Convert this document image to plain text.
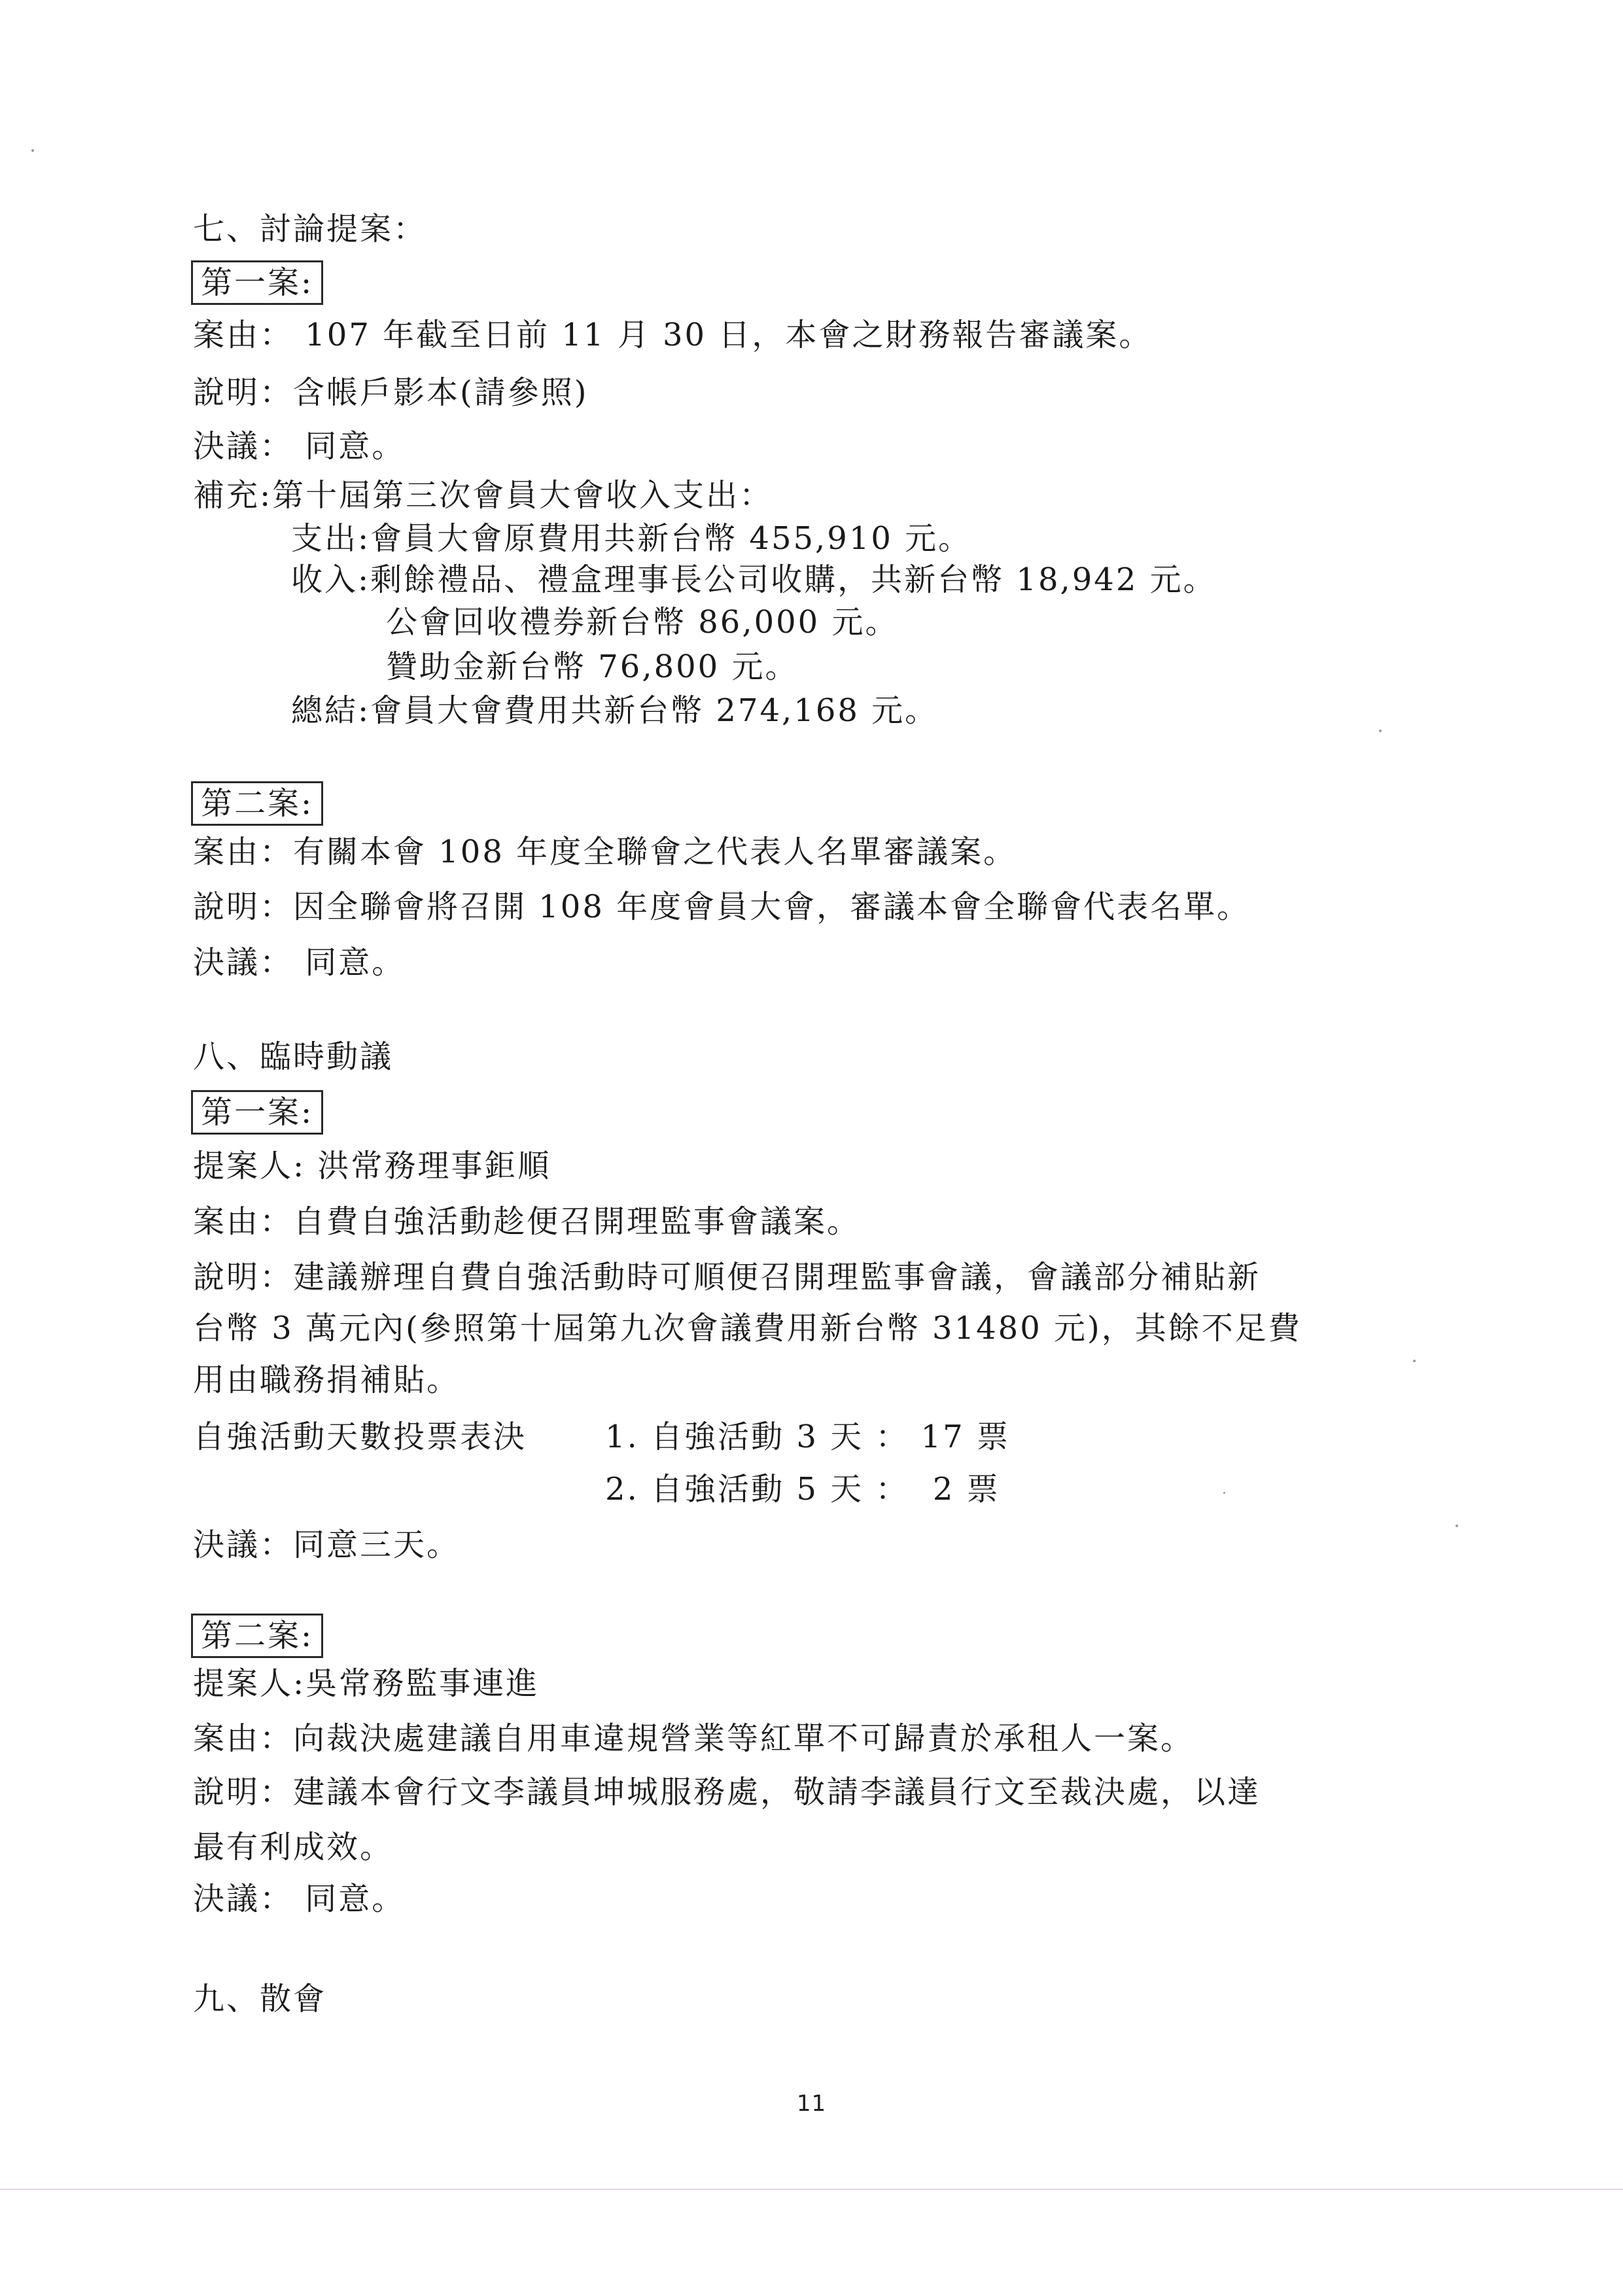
七、討論提案：
第一案:
案由： 107 年截至日前 11 月 30 日，本會之財務報告審議案。
說明：含帳戶影本(請參照)
決議： 同意。
補充:第十屆第三次會員大會收入支出：
支出:會員大會原費用共新台幣 455,910 元。
收入:剩餘禮品、禮盒理事長公司收購，共新台幣 18,942 元。
公會回收禮券新台幣 86,000 元。
贊助金新台幣 76,800 元。
總結:會員大會費用共新台幣 274,168 元。
第二案:
案由：有關本會 108 年度全聯會之代表人名單審議案。
說明：因全聯會將召開 108 年度會員大會，審議本會全聯會代表名單。
決議： 同意。
八、臨時動議
第一案:
提案人: 洪常務理事鉅順
案由：自費自強活動趁便召開理監事會議案。
說明：建議辦理自費自強活動時可順便召開理監事會議，會議部分補貼新
台幣 3 萬元內(參照第十屆第九次會議費用新台幣 31480 元)，其餘不足費
用由職務捐補貼。
自強活動天數投票表決 1. 自強活動 3 天 ： 17 票
2. 自強活動 5 天 ：  2 票
決議：同意三天。
第二案:
提案人:吳常務監事連進
案由：向裁決處建議自用車違規營業等紅單不可歸責於承租人一案。
說明：建議本會行文李議員坤城服務處，敬請李議員行文至裁決處，以達
最有利成效。
決議： 同意。
九、散會
11
